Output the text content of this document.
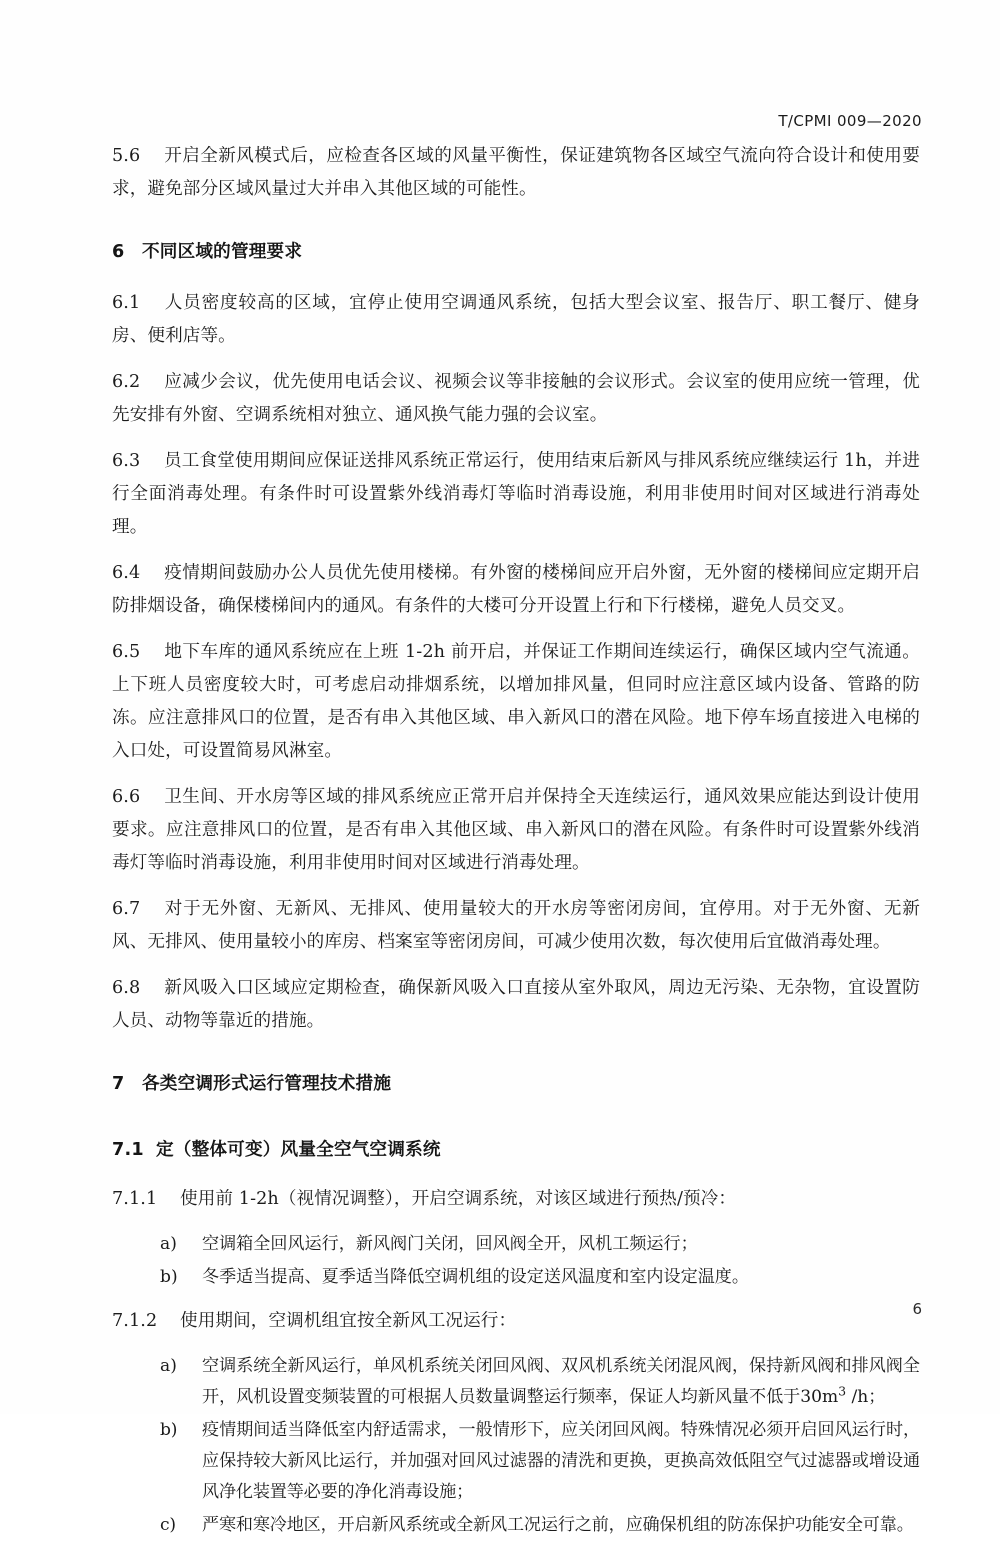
T/CPMI 009—2020

5.6 开启全新风模式后，应检查各区域的风量平衡性，保证建筑物各区域空气流向符合设计和使用要求，避免部分区域风量过大并串入其他区域的可能性。

6 不同区域的管理要求

6.1 人员密度较高的区域，宜停止使用空调通风系统，包括大型会议室、报告厅、职工餐厅、健身房、便利店等。

6.2 应减少会议，优先使用电话会议、视频会议等非接触的会议形式。会议室的使用应统一管理，优先安排有外窗、空调系统相对独立、通风换气能力强的会议室。

6.3 员工食堂使用期间应保证送排风系统正常运行，使用结束后新风与排风系统应继续运行 1h，并进行全面消毒处理。有条件时可设置紫外线消毒灯等临时消毒设施，利用非使用时间对区域进行消毒处理。

6.4 疫情期间鼓励办公人员优先使用楼梯。有外窗的楼梯间应开启外窗，无外窗的楼梯间应定期开启防排烟设备，确保楼梯间内的通风。有条件的大楼可分开设置上行和下行楼梯，避免人员交叉。

6.5 地下车库的通风系统应在上班 1-2h 前开启，并保证工作期间连续运行，确保区域内空气流通。上下班人员密度较大时，可考虑启动排烟系统，以增加排风量，但同时应注意区域内设备、管路的防冻。应注意排风口的位置，是否有串入其他区域、串入新风口的潜在风险。地下停车场直接进入电梯的入口处，可设置简易风淋室。

6.6 卫生间、开水房等区域的排风系统应正常开启并保持全天连续运行，通风效果应能达到设计使用要求。应注意排风口的位置，是否有串入其他区域、串入新风口的潜在风险。有条件时可设置紫外线消毒灯等临时消毒设施，利用非使用时间对区域进行消毒处理。

6.7 对于无外窗、无新风、无排风、使用量较大的开水房等密闭房间，宜停用。对于无外窗、无新风、无排风、使用量较小的库房、档案室等密闭房间，可减少使用次数，每次使用后宜做消毒处理。

6.8 新风吸入口区域应定期检查，确保新风吸入口直接从室外取风，周边无污染、无杂物，宜设置防人员、动物等靠近的措施。

7 各类空调形式运行管理技术措施
7.1 定（整体可变）风量全空气空调系统

7.1.1 使用前 1-2h（视情况调整），开启空调系统，对该区域进行预热/预冷：

a) 空调箱全回风运行，新风阀门关闭，回风阀全开，风机工频运行；
b) 冬季适当提高、夏季适当降低空调机组的设定送风温度和室内设定温度。

7.1.2 使用期间，空调机组宜按全新风工况运行：

a) 空调系统全新风运行，单风机系统关闭回风阀、双风机系统关闭混风阀，保持新风阀和排风阀全开，风机设置变频装置的可根据人员数量调整运行频率，保证人均新风量不低于$30m^3$ /h；
b) 疫情期间适当降低室内舒适需求，一般情形下，应关闭回风阀。特殊情况必须开启回风运行时，应保持较大新风比运行，并加强对回风过滤器的清洗和更换，更换高效低阻空气过滤器或增设通风净化装置等必要的净化消毒设施；
c) 严寒和寒冷地区，开启新风系统或全新风工况运行之前，应确保机组的防冻保护功能安全可靠。
6
